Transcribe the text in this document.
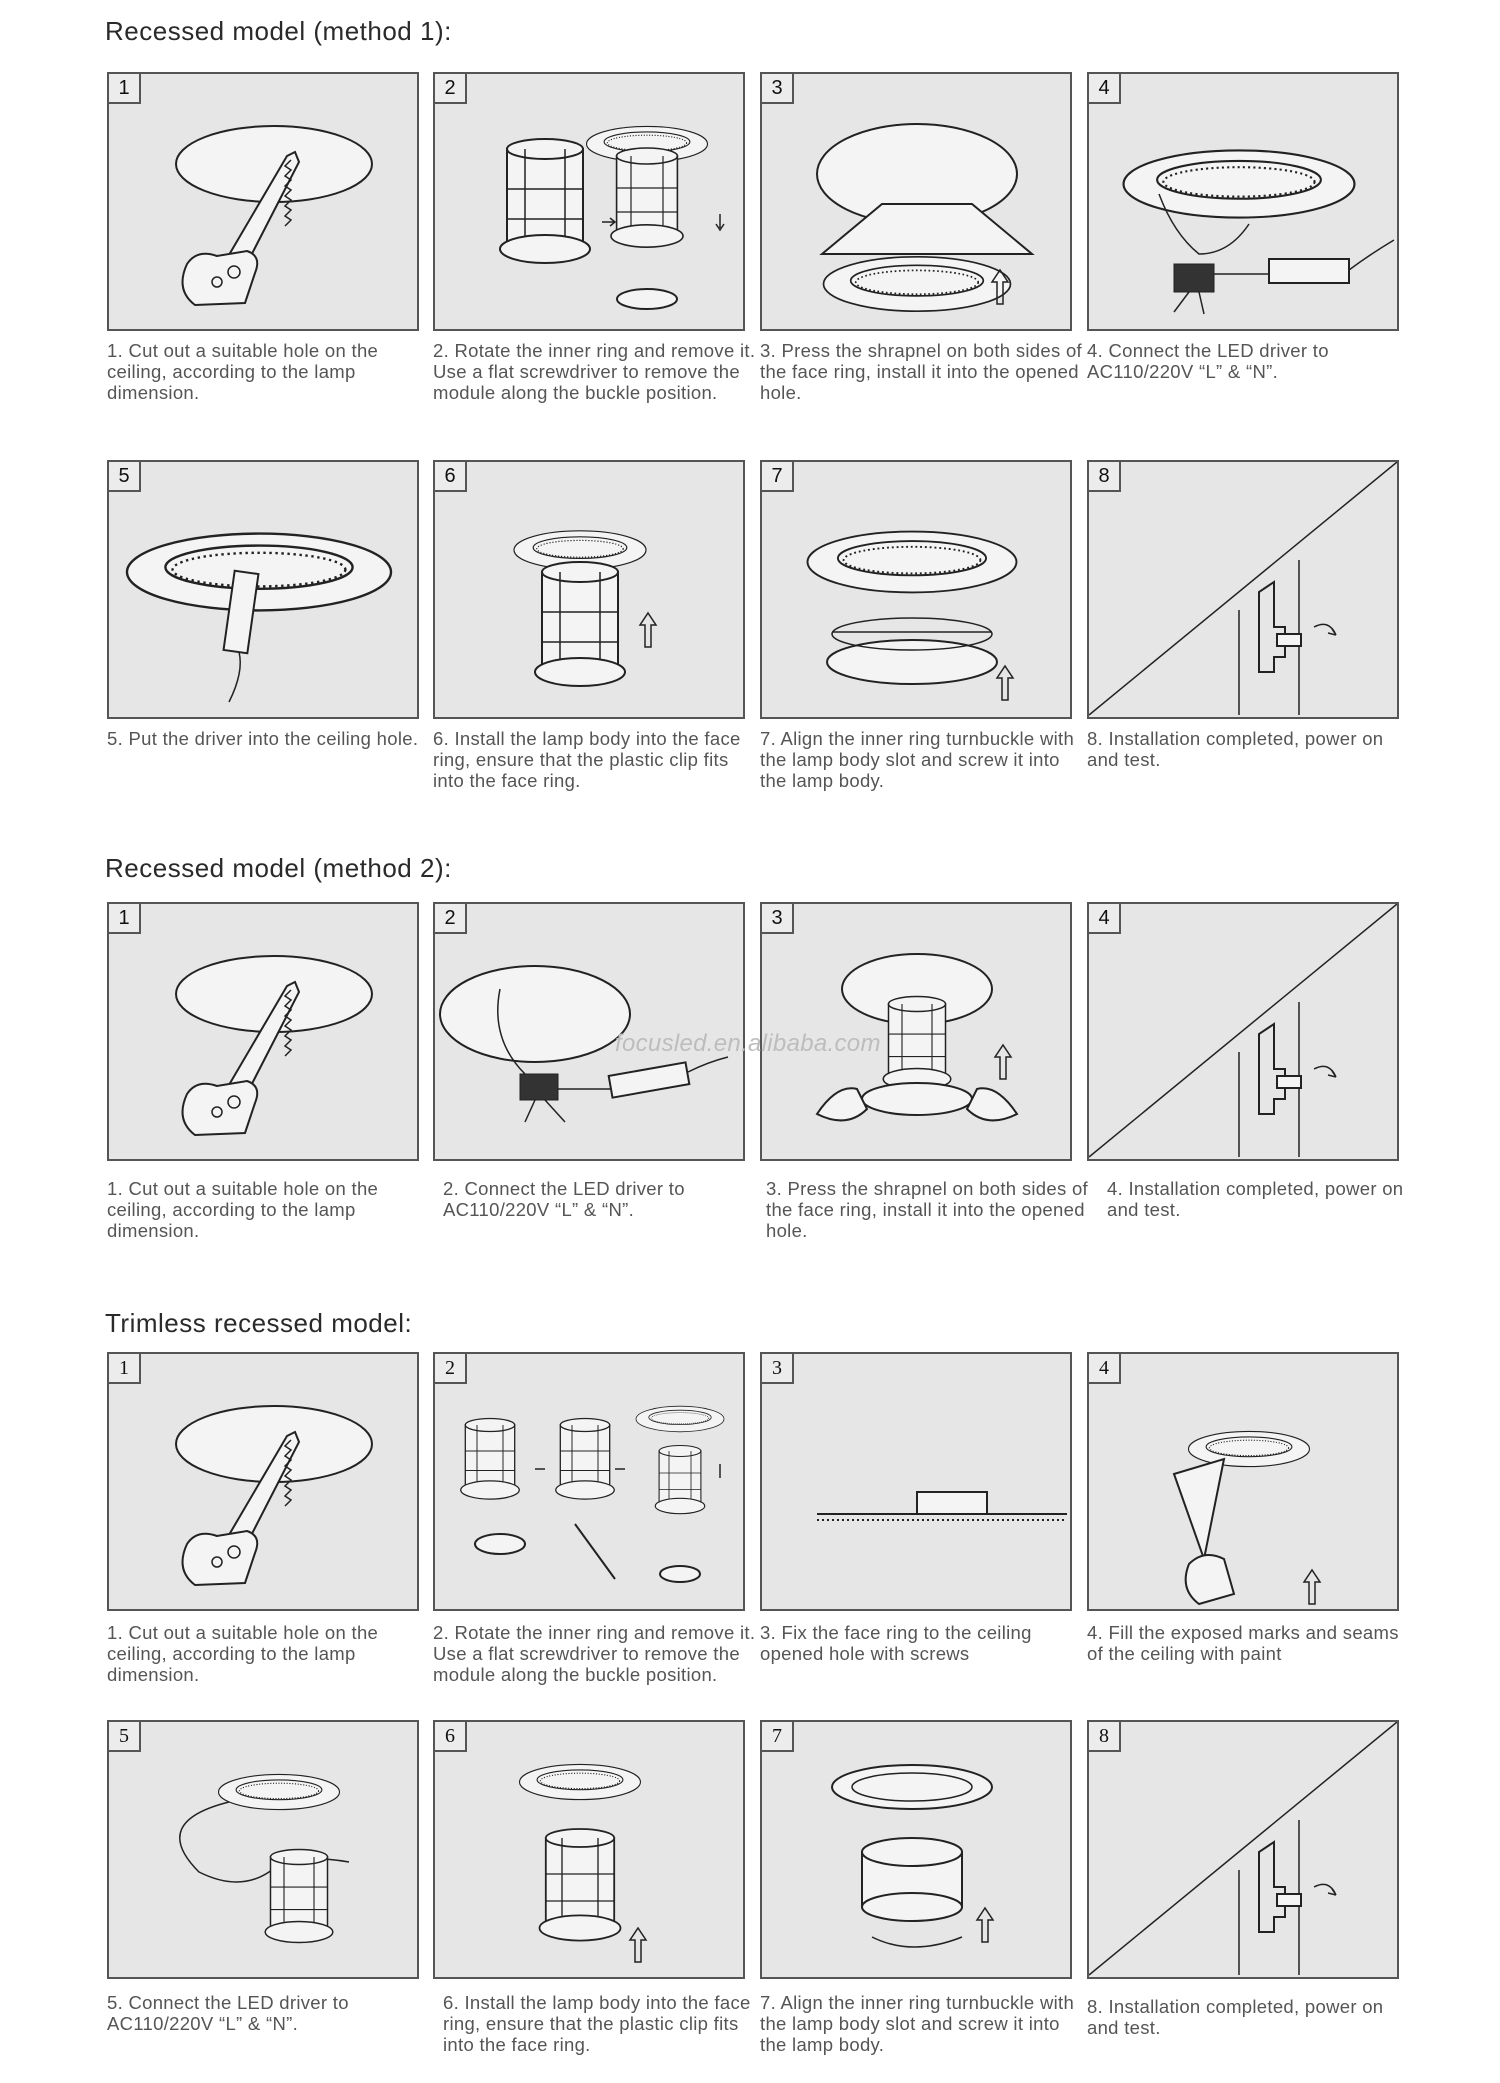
Recessed model (method 1):
1

1. Cut out a suitable hole on the ceiling, according to the lamp dimension.

2

2. Rotate the inner ring and remove it. Use a flat screwdriver to remove the module along the buckle position.

3

3. Press the shrapnel on both sides of the face ring, install it into the opened hole.

4

4. Connect the LED driver to AC110/220V “L” & “N”.

5

5. Put the driver into the ceiling hole.

6

6. Install the lamp body into the face ring, ensure that the plastic clip fits into the face ring.

7

7. Align the inner ring turnbuckle with the lamp body slot and screw it into the lamp body.

8

8. Installation completed, power on and test.

Recessed model (method 2):
1

1. Cut out a suitable hole on the ceiling, according to the lamp dimension.

2

2. Connect the LED driver to AC110/220V “L” & “N”.

3

3. Press the shrapnel on both sides of the face ring, install it into the opened hole.

4

4. Installation completed, power on and test.

focusled.en.alibaba.com
Trimless recessed model:
1

1. Cut out a suitable hole on the ceiling, according to the lamp dimension.

2

2. Rotate the inner ring and remove it. Use a flat screwdriver to remove the module along the buckle position.

3

3. Fix the face ring to the ceiling opened hole with screws

4

4. Fill the exposed marks and seams of the ceiling with paint

5

5. Connect the LED driver to AC110/220V “L” & “N”.

6

6. Install the lamp body into the face ring, ensure that the plastic clip fits into the face ring.

7

7. Align the inner ring turnbuckle with the lamp body slot and screw it into the lamp body.

8

8. Installation completed, power on and test.
